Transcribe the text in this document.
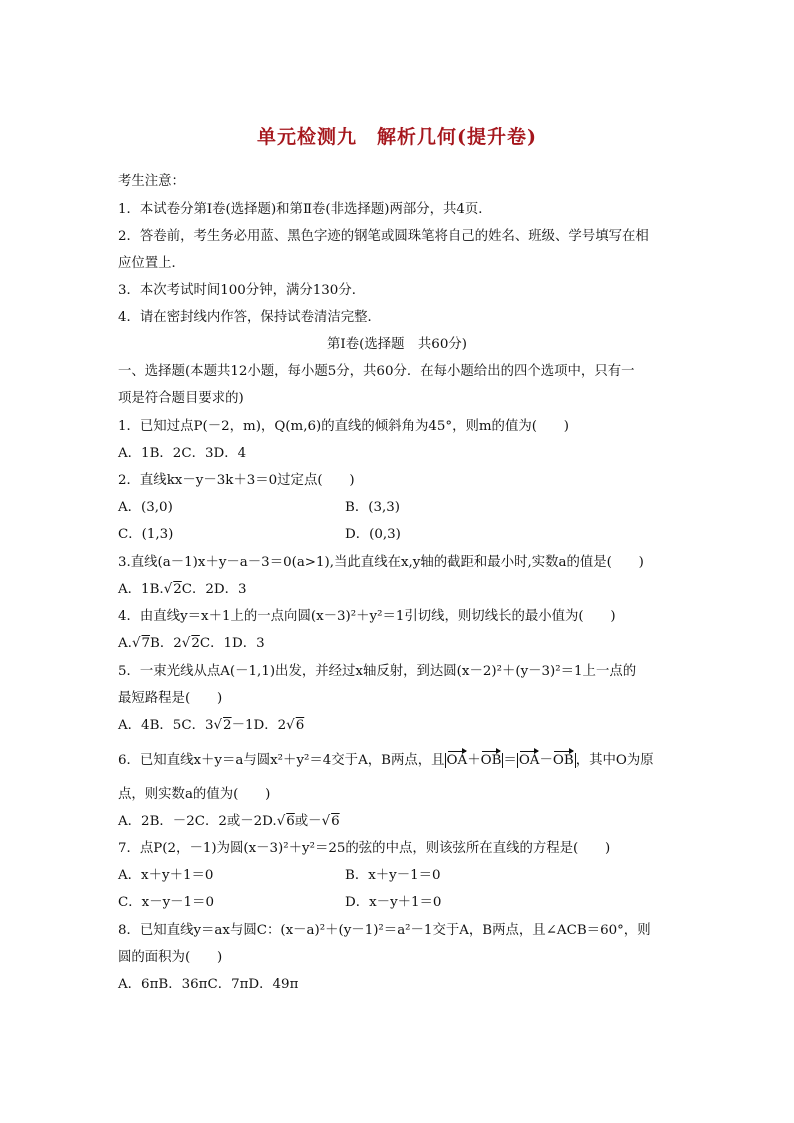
单元检测九　解析几何(提升卷)
考生注意：
1．本试卷分第Ⅰ卷(选择题)和第Ⅱ卷(非选择题)两部分，共4页．
2．答卷前，考生务必用蓝、黑色字迹的钢笔或圆珠笔将自己的姓名、班级、学号填写在相
应位置上．
3．本次考试时间100分钟，满分130分．
4．请在密封线内作答，保持试卷清洁完整．
第Ⅰ卷(选择题　共60分)
一、选择题(本题共12小题，每小题5分，共60分．在每小题给出的四个选项中，只有一
项是符合题目要求的)
1．已知过点P(－2，m)，Q(m,6)的直线的倾斜角为45°，则m的值为(　　)
A．1B．2C．3D．4
2．直线kx－y－3k＋3＝0过定点(　　)
A．(3,0)	B．(3,3)
C．(1,3)	D．(0,3)
3.直线(a－1)x＋y－a－3＝0(a>1),当此直线在x,y轴的截距和最小时,实数a的值是(　　)
A．1B.√2C．2D．3
4．由直线y＝x＋1上的一点向圆(x－3)²＋y²＝1引切线，则切线长的最小值为(　　)
A.√7B．2√2C．1D．3
5．一束光线从点A(－1,1)出发，并经过x轴反射，到达圆(x－2)²＋(y－3)²＝1上一点的
最短路程是(　　)
A．4B．5C．3√2－1D．2√6
6．已知直线x＋y＝a与圆x²＋y²＝4交于A，B两点，且 OA＋OB ＝ OA－OB ，其中O为原
点，则实数a的值为(　　)
A．2B．－2C．2或－2D.√6或－√6
7．点P(2，－1)为圆(x－3)²＋y²＝25的弦的中点，则该弦所在直线的方程是(　　)
A．x＋y＋1＝0	B．x＋y－1＝0
C．x－y－1＝0	D．x－y＋1＝0
8．已知直线y＝ax与圆C：(x－a)²＋(y－1)²＝a²－1交于A，B两点，且∠ACB＝60°，则
圆的面积为(　　)
A．6πB．36πC．7πD．49π
